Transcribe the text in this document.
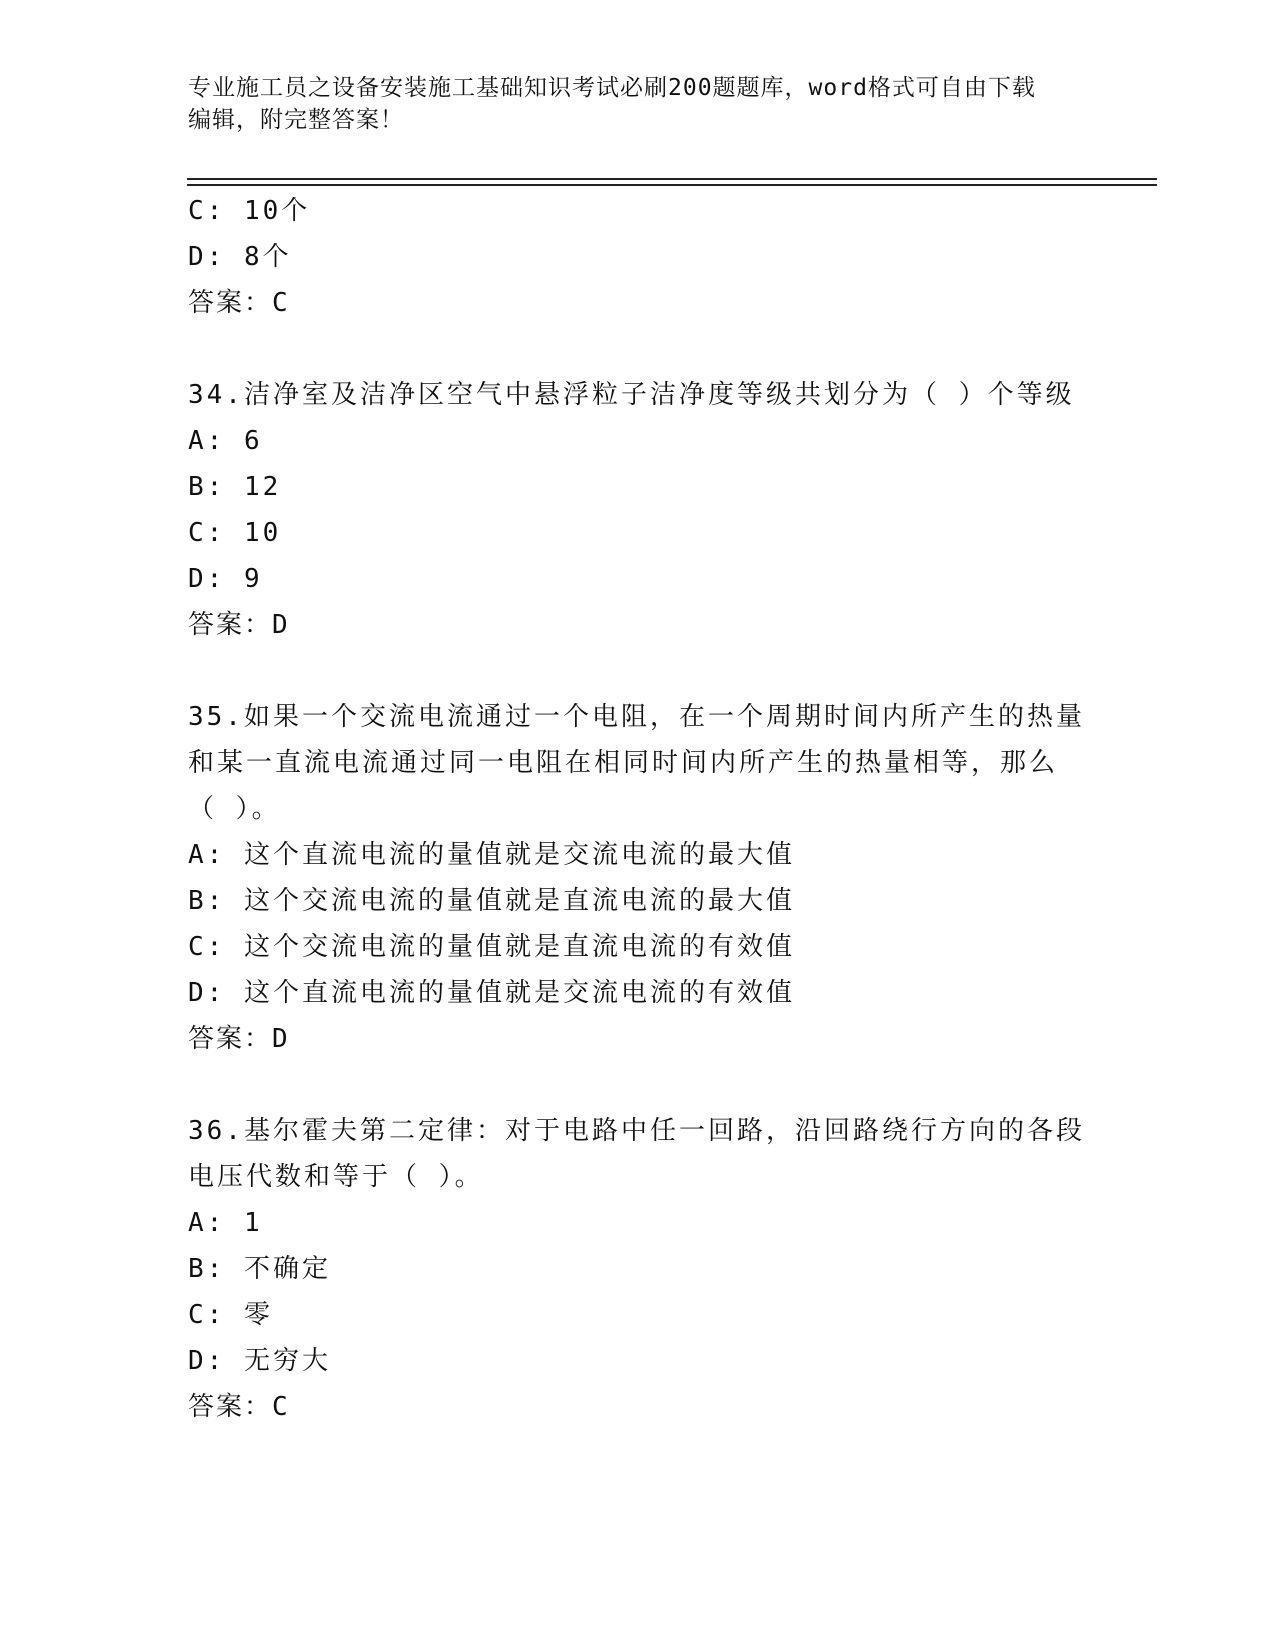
专业施工员之设备安装施工基础知识考试必刷200题题库，word格式可自由下载
编辑，附完整答案！
C: 10个
D: 8个
答案：C
34.洁净室及洁净区空气中悬浮粒子洁净度等级共划分为（ ）个等级
A: 6
B: 12
C: 10
D: 9
答案：D
35.如果一个交流电流通过一个电阻，在一个周期时间内所产生的热量
和某一直流电流通过同一电阻在相同时间内所产生的热量相等，那么
（ ）。
A: 这个直流电流的量值就是交流电流的最大值
B: 这个交流电流的量值就是直流电流的最大值
C: 这个交流电流的量值就是直流电流的有效值
D: 这个直流电流的量值就是交流电流的有效值
答案：D
36.基尔霍夫第二定律：对于电路中任一回路，沿回路绕行方向的各段
电压代数和等于（ ）。
A: 1
B: 不确定
C: 零
D: 无穷大
答案：C
